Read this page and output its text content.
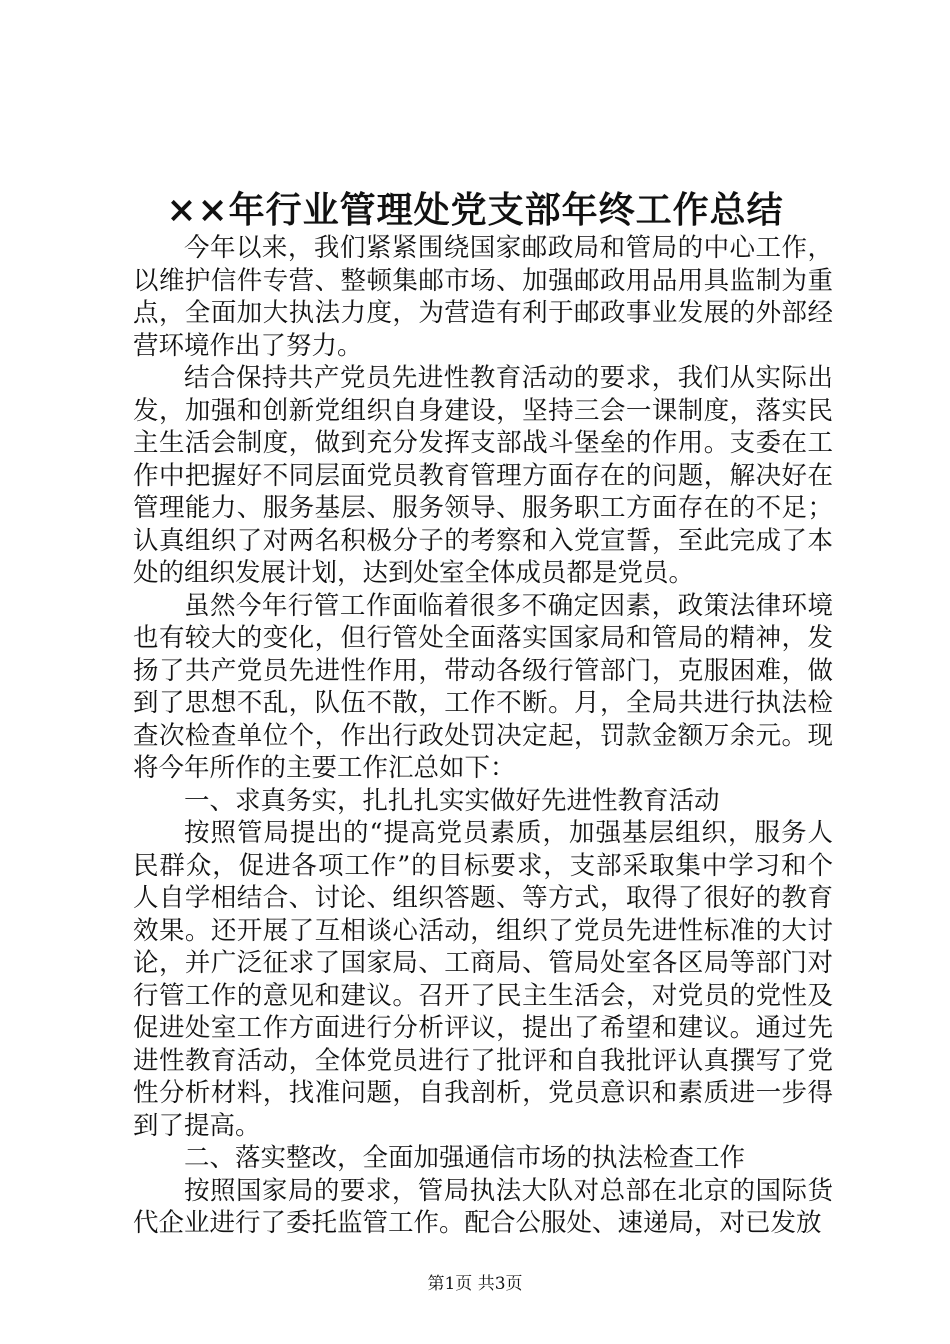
××年行业管理处党支部年终工作总结

今年以来，我们紧紧围绕国家邮政局和管局的中心工作，以维护信件专营、整顿集邮市场、加强邮政用品用具监制为重点，全面加大执法力度，为营造有利于邮政事业发展的外部经营环境作出了努力。

结合保持共产党员先进性教育活动的要求，我们从实际出发，加强和创新党组织自身建设，坚持三会一课制度，落实民主生活会制度，做到充分发挥支部战斗堡垒的作用。支委在工作中把握好不同层面党员教育管理方面存在的问题，解决好在管理能力、服务基层、服务领导、服务职工方面存在的不足；认真组织了对两名积极分子的考察和入党宣誓，至此完成了本处的组织发展计划，达到处室全体成员都是党员。

虽然今年行管工作面临着很多不确定因素，政策法律环境也有较大的变化，但行管处全面落实国家局和管局的精神，发扬了共产党员先进性作用，带动各级行管部门，克服困难，做到了思想不乱，队伍不散，工作不断。月，全局共进行执法检查次检查单位个，作出行政处罚决定起，罚款金额万余元。现将今年所作的主要工作汇总如下：

一、求真务实，扎扎扎实实做好先进性教育活动

按照管局提出的“提高党员素质，加强基层组织，服务人民群众，促进各项工作”的目标要求，支部采取集中学习和个人自学相结合、讨论、组织答题、等方式，取得了很好的教育效果。还开展了互相谈心活动，组织了党员先进性标准的大讨论，并广泛征求了国家局、工商局、管局处室各区局等部门对行管工作的意见和建议。召开了民主生活会，对党员的党性及促进处室工作方面进行分析评议，提出了希望和建议。通过先进性教育活动，全体党员进行了批评和自我批评认真撰写了党性分析材料，找准问题，自我剖析，党员意识和素质进一步得到了提高。

二、落实整改，全面加强通信市场的执法检查工作

按照国家局的要求，管局执法大队对总部在北京的国际货代企业进行了委托监管工作。配合公服处、速递局，对已发放

第1页 共3页
